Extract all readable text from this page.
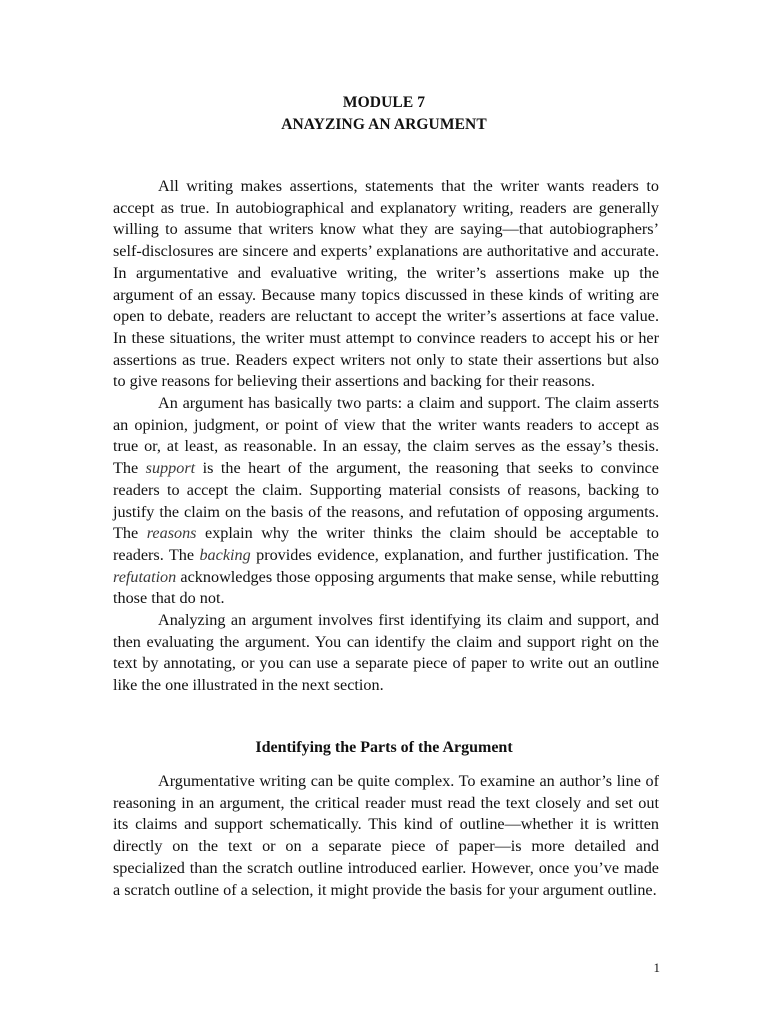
MODULE 7
ANAYZING AN ARGUMENT

All writing makes assertions, statements that the writer wants readers to accept as true. In autobiographical and explanatory writing, readers are generally willing to assume that writers know what they are saying—that autobiographers’ self-disclosures are sincere and experts’ explanations are authoritative and accurate. In argumentative and evaluative writing, the writer’s assertions make up the argument of an essay. Because many topics discussed in these kinds of writing are open to debate, readers are reluctant to accept the writer’s assertions at face value. In these situations, the writer must attempt to convince readers to accept his or her assertions as true. Readers expect writers not only to state their assertions but also to give reasons for believing their assertions and backing for their reasons.

An argument has basically two parts: a claim and support. The claim asserts an opinion, judgment, or point of view that the writer wants readers to accept as true or, at least, as reasonable. In an essay, the claim serves as the essay’s thesis. The support is the heart of the argument, the reasoning that seeks to convince readers to accept the claim. Supporting material consists of reasons, backing to justify the claim on the basis of the reasons, and refutation of opposing arguments. The reasons explain why the writer thinks the claim should be acceptable to readers. The backing provides evidence, explanation, and further justification. The refutation acknowledges those opposing arguments that make sense, while rebutting those that do not.

Analyzing an argument involves first identifying its claim and support, and then evaluating the argument. You can identify the claim and support right on the text by annotating, or you can use a separate piece of paper to write out an outline like the one illustrated in the next section.

Identifying the Parts of the Argument

Argumentative writing can be quite complex. To examine an author’s line of reasoning in an argument, the critical reader must read the text closely and set out its claims and support schematically. This kind of outline—whether it is written directly on the text or on a separate piece of paper—is more detailed and specialized than the scratch outline introduced earlier. However, once you’ve made a scratch outline of a selection, it might provide the basis for your argument outline.

1
